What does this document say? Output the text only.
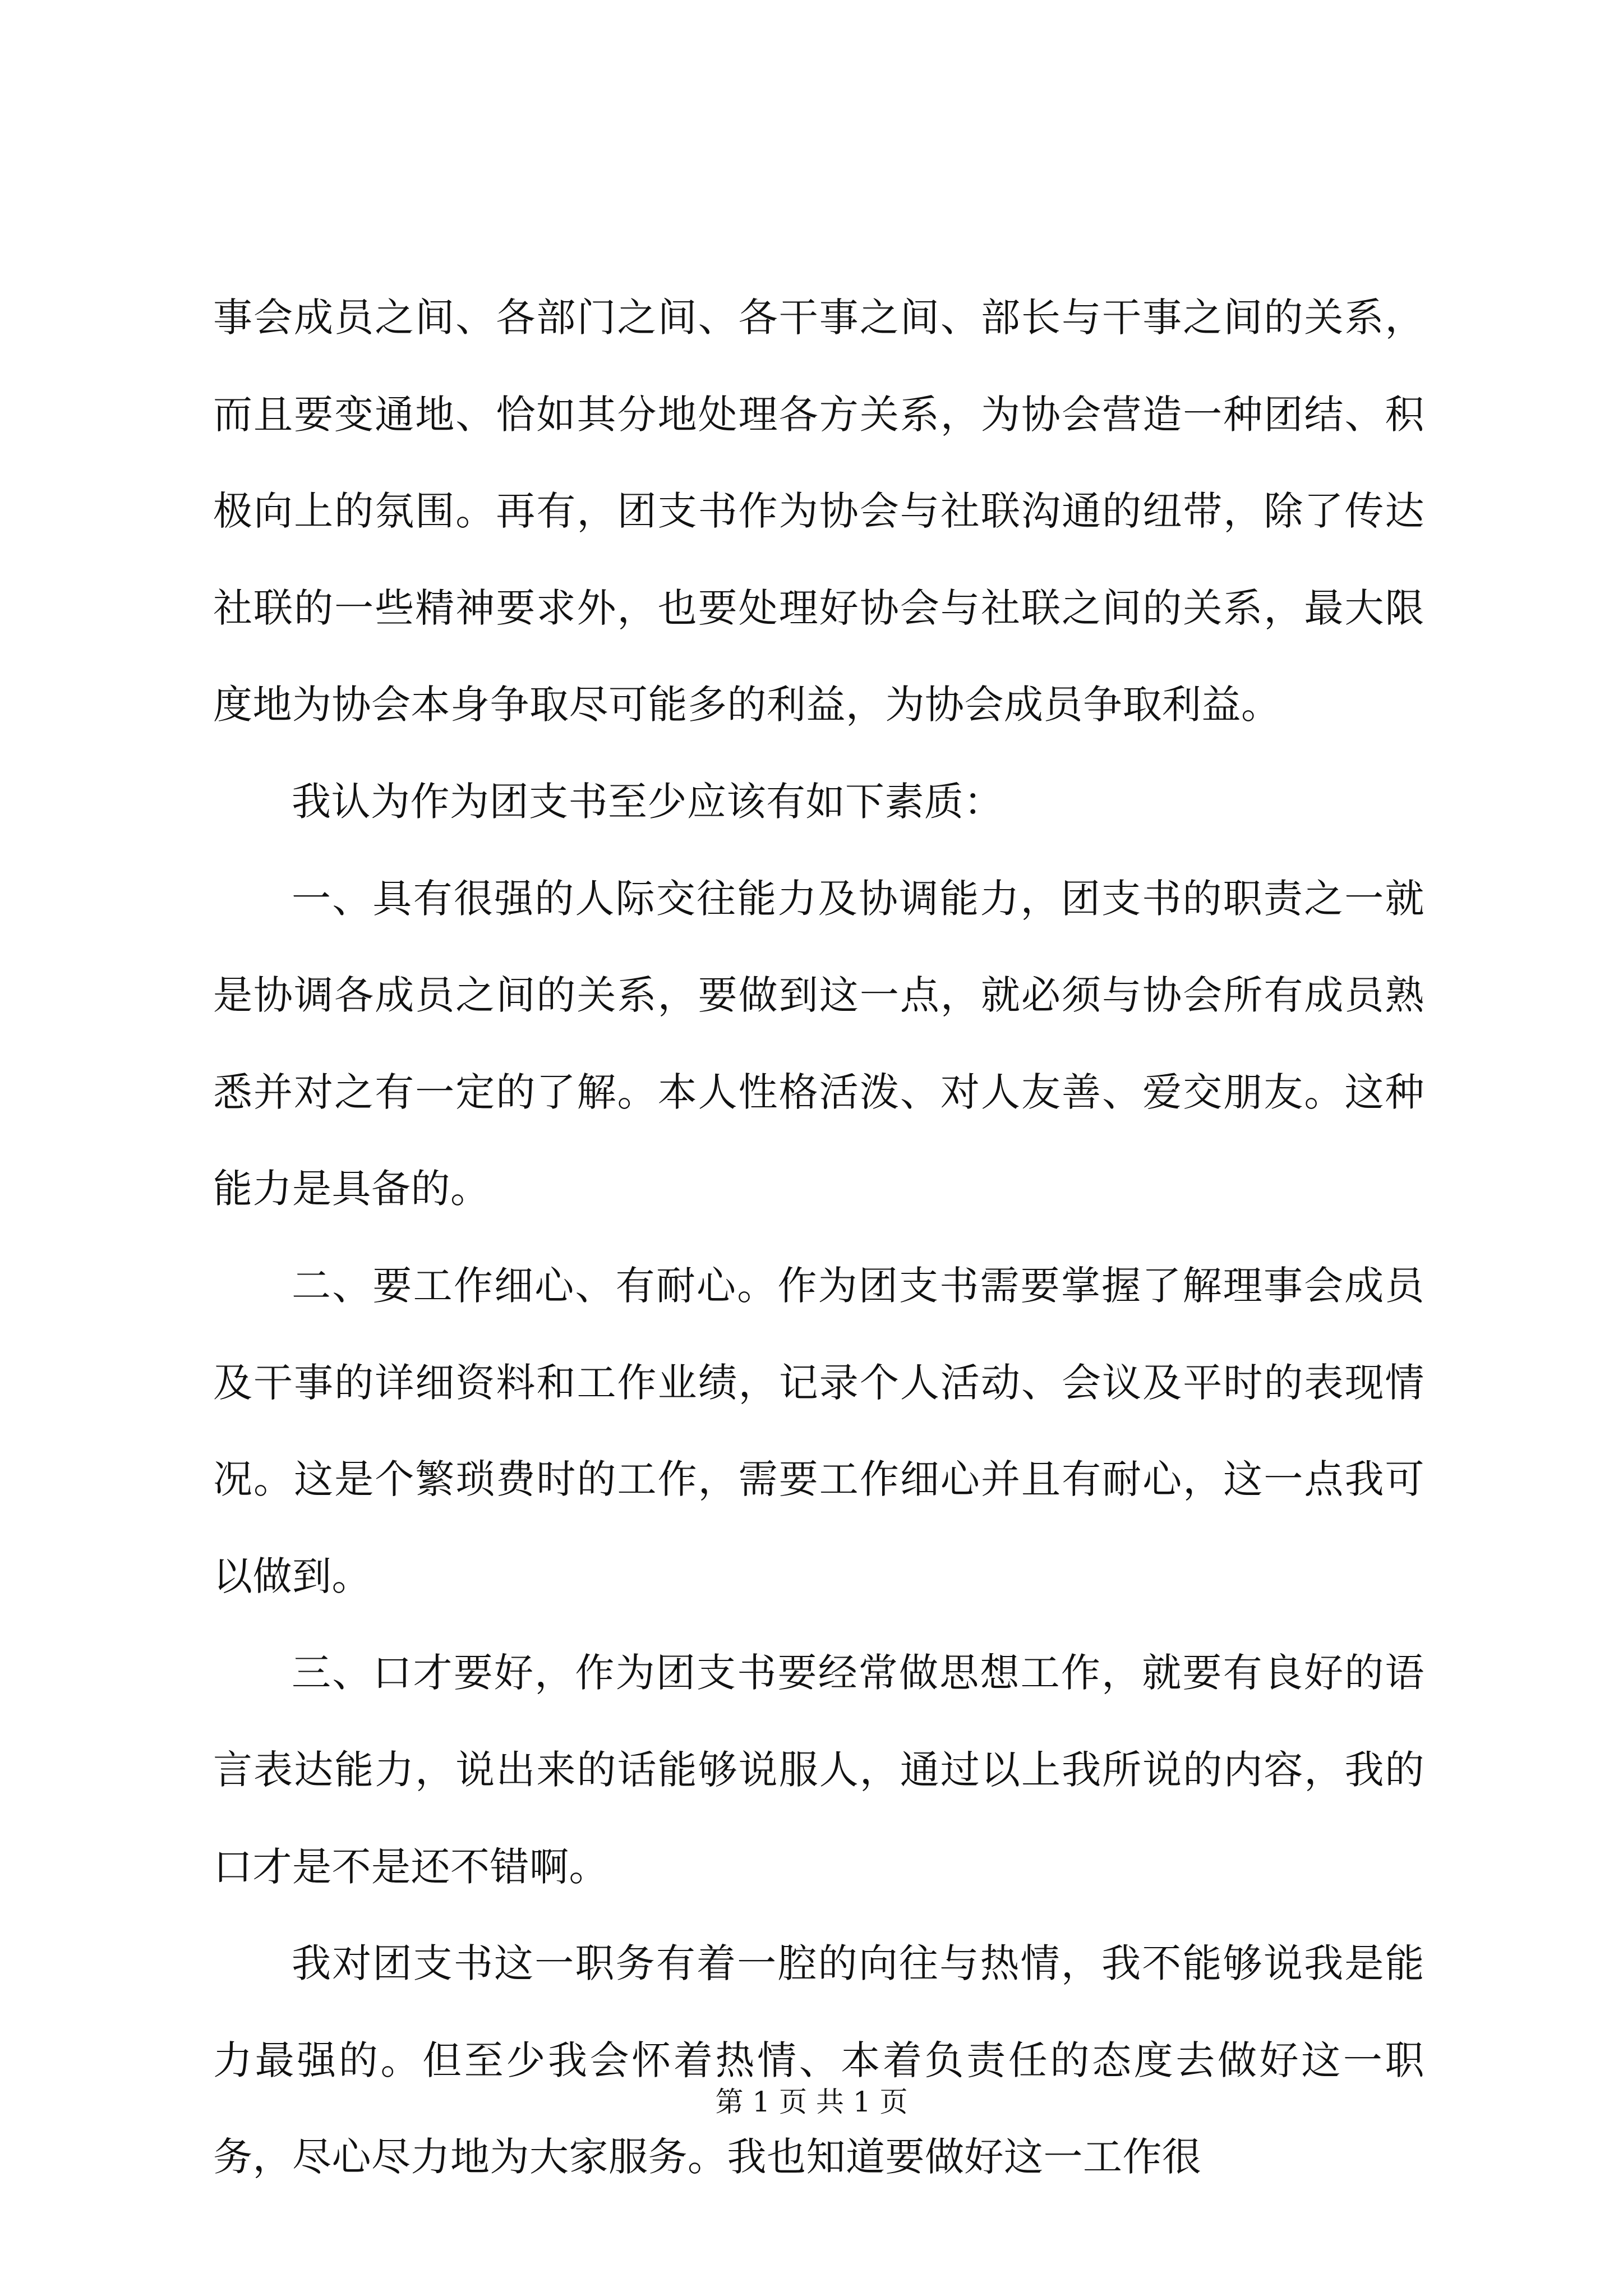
事会成员之间、各部门之间、各干事之间、部长与干事之间的关系，而且要变通地、恰如其分地处理各方关系，为协会营造一种团结、积极向上的氛围。再有，团支书作为协会与社联沟通的纽带，除了传达社联的一些精神要求外，也要处理好协会与社联之间的关系，最大限度地为协会本身争取尽可能多的利益，为协会成员争取利益。

我认为作为团支书至少应该有如下素质：

一、具有很强的人际交往能力及协调能力，团支书的职责之一就是协调各成员之间的关系，要做到这一点，就必须与协会所有成员熟悉并对之有一定的了解。本人性格活泼、对人友善、爱交朋友。这种能力是具备的。

二、要工作细心、有耐心。作为团支书需要掌握了解理事会成员及干事的详细资料和工作业绩，记录个人活动、会议及平时的表现情况。这是个繁琐费时的工作，需要工作细心并且有耐心，这一点我可以做到。

三、口才要好，作为团支书要经常做思想工作，就要有良好的语言表达能力，说出来的话能够说服人，通过以上我所说的内容，我的口才是不是还不错啊。

我对团支书这一职务有着一腔的向往与热情，我不能够说我是能力最强的。但至少我会怀着热情、本着负责任的态度去做好这一职务，尽心尽力地为大家服务。我也知道要做好这一工作很

第 1 页 共 1 页
